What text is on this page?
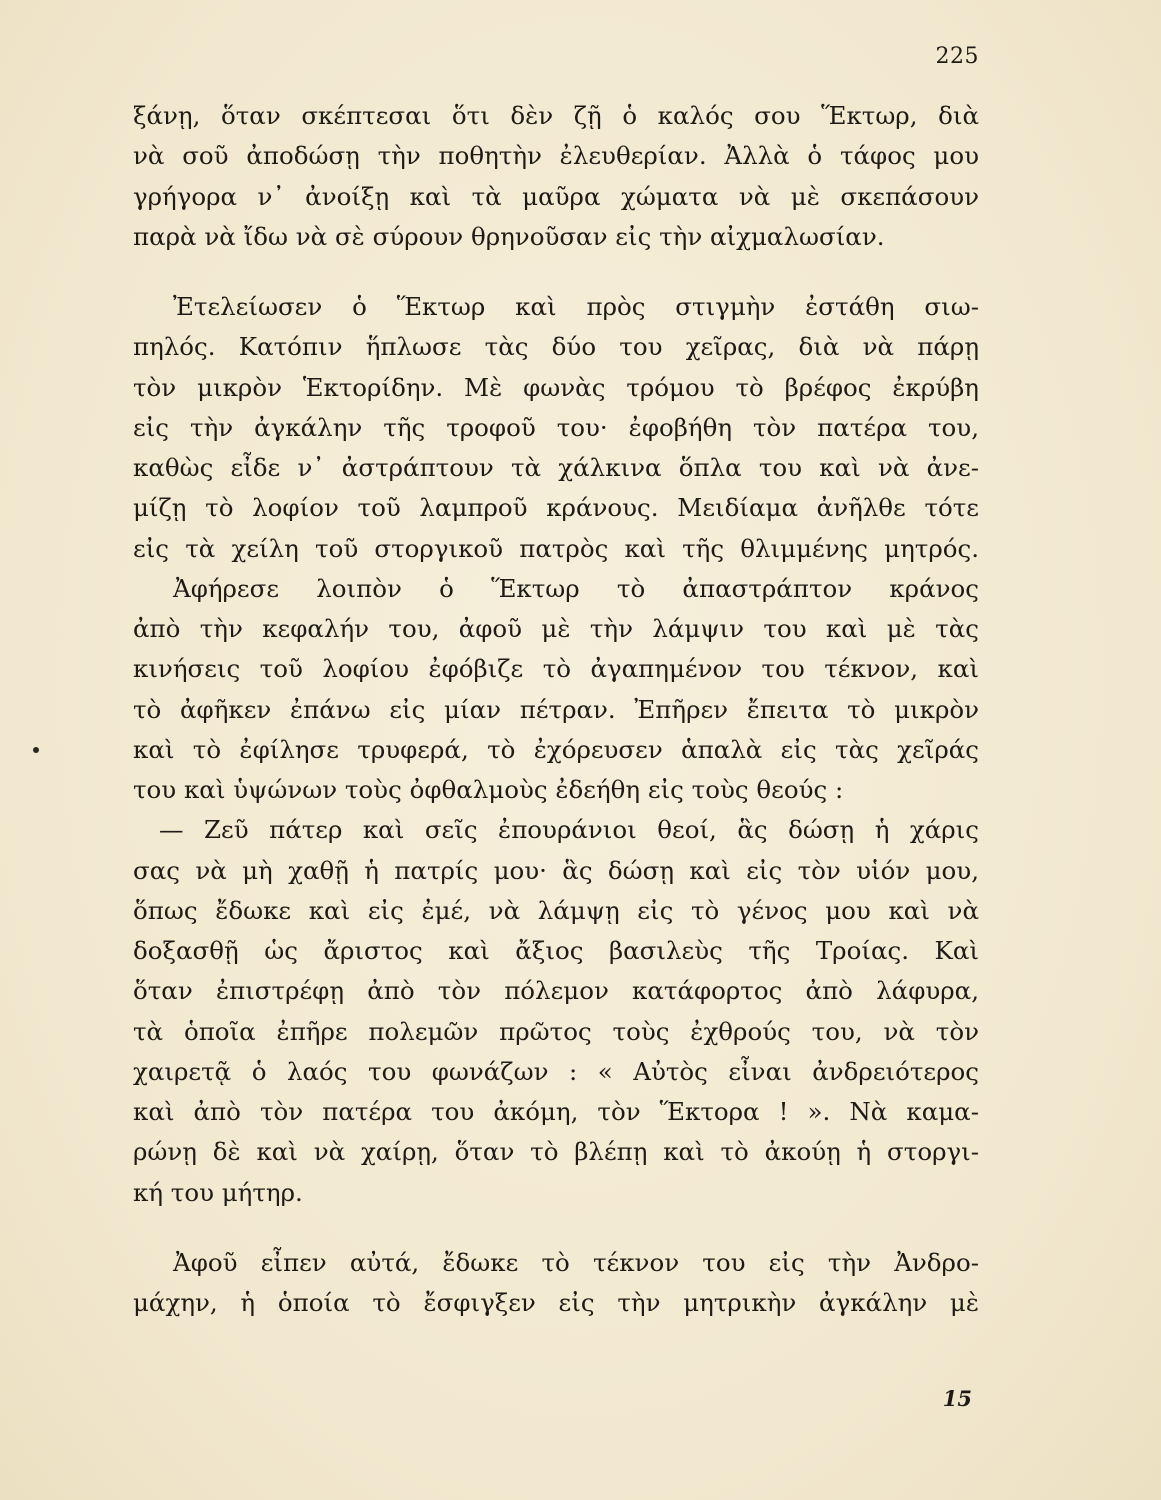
225
ξάνῃ, ὅταν σκέπτεσαι ὅτι δὲν ζῇ ὁ καλός σου Ἕκτωρ, διὰ
νὰ σοῦ ἀποδώσῃ τὴν ποθητὴν ἐλευθερίαν. Ἀλλὰ ὁ τάφος μου
γρήγορα ν᾽ ἀνοίξῃ καὶ τὰ μαῦρα χώματα νὰ μὲ σκεπάσουν
παρὰ νὰ ἴδω νὰ σὲ σύρουν θρηνοῦσαν εἰς τὴν αἰχμαλωσίαν.
Ἐτελείωσεν ὁ Ἕκτωρ καὶ πρὸς στιγμὴν ἐστάθη σιω-
πηλός. Κατόπιν ἥπλωσε τὰς δύο του χεῖρας, διὰ νὰ πάρῃ
τὸν μικρὸν Ἑκτορίδην. Μὲ φωνὰς τρόμου τὸ βρέφος ἐκρύβη
εἰς τὴν ἀγκάλην τῆς τροφοῦ του· ἐφοβήθη τὸν πατέρα του,
καθὼς εἶδε ν᾽ ἀστράπτουν τὰ χάλκινα ὅπλα του καὶ νὰ ἀνε-
μίζῃ τὸ λοφίον τοῦ λαμπροῦ κράνους. Μειδίαμα ἀνῆλθε τότε
εἰς τὰ χείλη τοῦ στοργικοῦ πατρὸς καὶ τῆς θλιμμένης μητρός.
Ἀφήρεσε λοιπὸν ὁ Ἕκτωρ τὸ ἀπαστράπτον κράνος
ἀπὸ τὴν κεφαλήν του, ἀφοῦ μὲ τὴν λάμψιν του καὶ μὲ τὰς
κινήσεις τοῦ λοφίου ἐφόβιζε τὸ ἀγαπημένον του τέκνον, καὶ
τὸ ἀφῆκεν ἐπάνω εἰς μίαν πέτραν. Ἐπῆρεν ἔπειτα τὸ μικρὸν
καὶ τὸ ἐφίλησε τρυφερά, τὸ ἐχόρευσεν ἁπαλὰ εἰς τὰς χεῖράς
του καὶ ὑψώνων τοὺς ὀφθαλμοὺς ἐδεήθη εἰς τοὺς θεούς :
— Ζεῦ πάτερ καὶ σεῖς ἐπουράνιοι θεοί, ἃς δώσῃ ἡ χάρις
σας νὰ μὴ χαθῇ ἡ πατρίς μου· ἃς δώσῃ καὶ εἰς τὸν υἱόν μου,
ὅπως ἔδωκε καὶ εἰς ἐμέ, νὰ λάμψῃ εἰς τὸ γένος μου καὶ νὰ
δοξασθῇ ὡς ἄριστος καὶ ἄξιος βασιλεὺς τῆς Τροίας. Καὶ
ὅταν ἐπιστρέφῃ ἀπὸ τὸν πόλεμον κατάφορτος ἀπὸ λάφυρα,
τὰ ὁποῖα ἐπῆρε πολεμῶν πρῶτος τοὺς ἐχθρούς του, νὰ τὸν
χαιρετᾷ ὁ λαός του φωνάζων : « Αὐτὸς εἶναι ἀνδρειότερος
καὶ ἀπὸ τὸν πατέρα του ἀκόμη, τὸν Ἕκτορα ! ». Νὰ καμα-
ρώνῃ δὲ καὶ νὰ χαίρῃ, ὅταν τὸ βλέπῃ καὶ τὸ ἀκούῃ ἡ στοργι-
κή του μήτηρ.
Ἀφοῦ εἶπεν αὐτά, ἔδωκε τὸ τέκνον του εἰς τὴν Ἀνδρο-
μάχην, ἡ ὁποία τὸ ἔσφιγξεν εἰς τὴν μητρικὴν ἀγκάλην μὲ
15
